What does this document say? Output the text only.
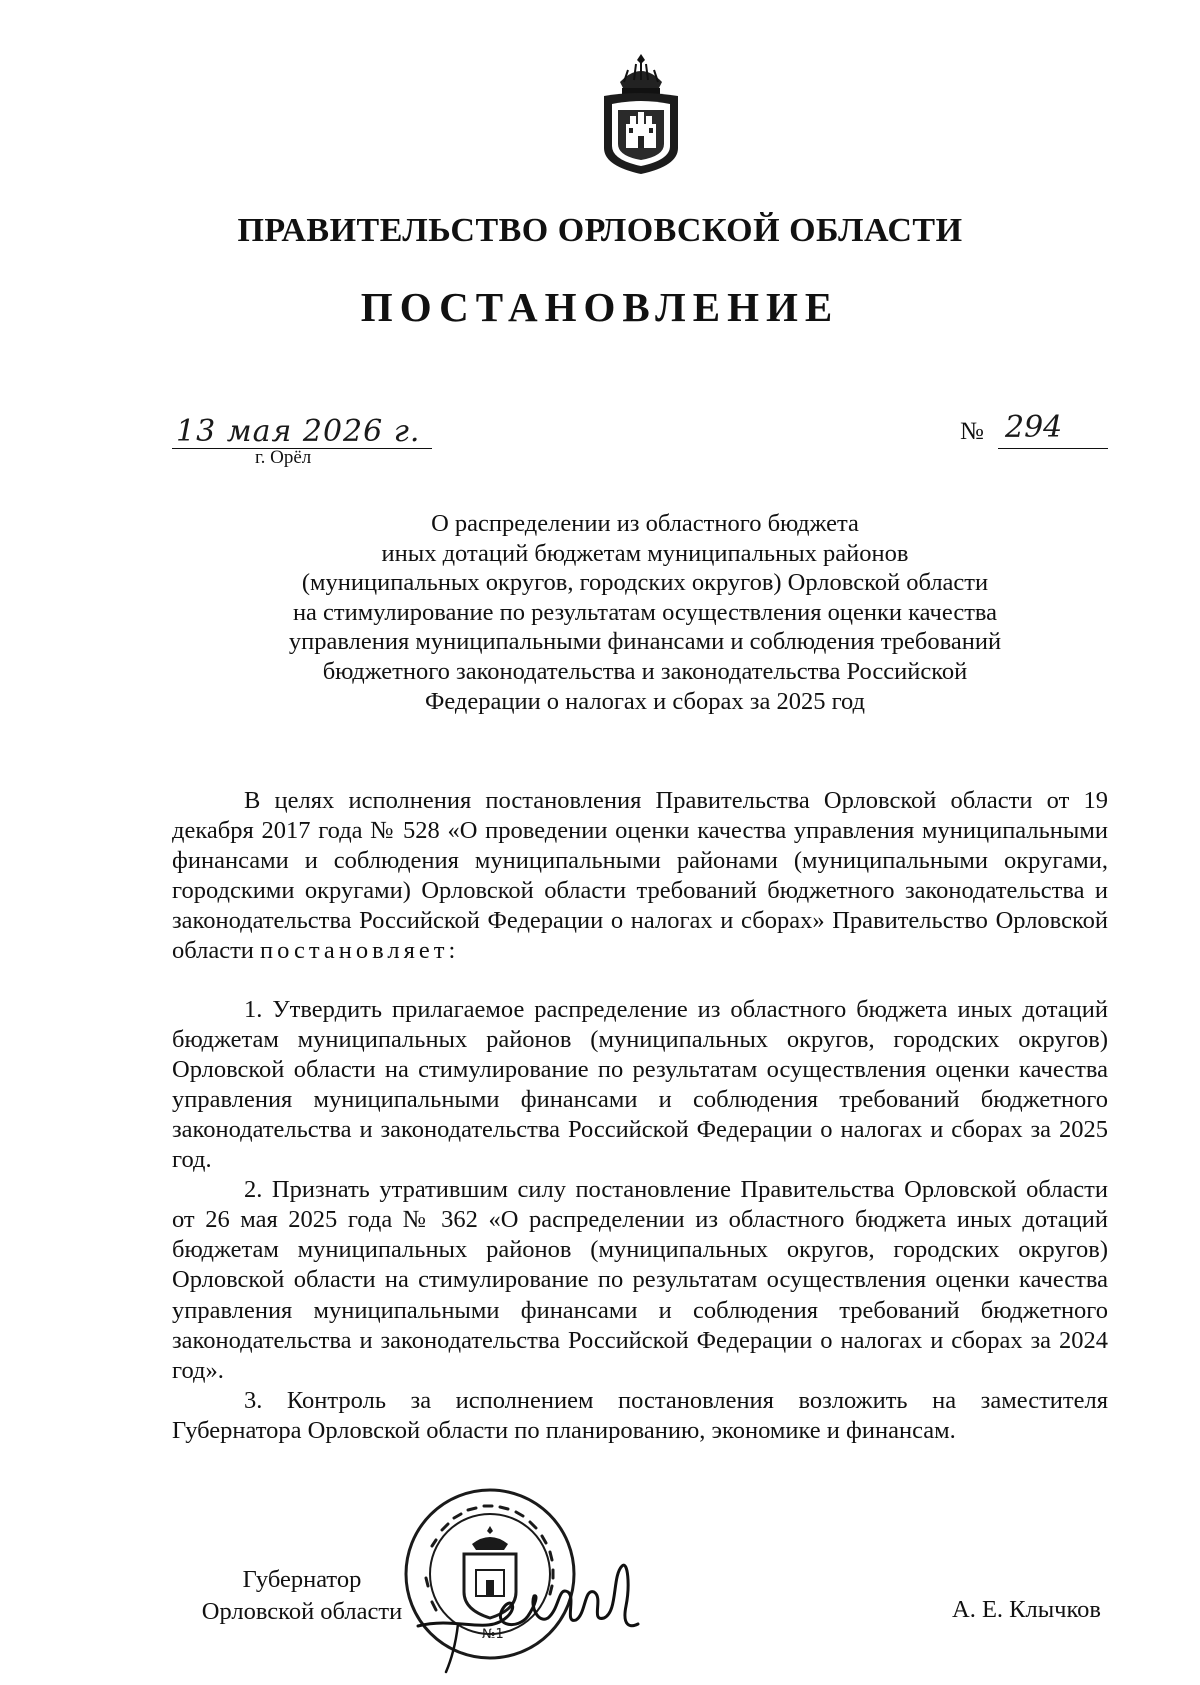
ПРАВИТЕЛЬСТВО ОРЛОВСКОЙ ОБЛАСТИ
ПОСТАНОВЛЕНИЕ
13 мая 2026 г.
г. Орёл
№ 294
О распределении из областного бюджета
иных дотаций бюджетам муниципальных районов
(муниципальных округов, городских округов) Орловской области
на стимулирование по результатам осуществления оценки качества
управления муниципальными финансами и соблюдения требований
бюджетного законодательства и законодательства Российской
Федерации о налогах и сборах за 2025 год

В целях исполнения постановления Правительства Орловской области от 19 декабря 2017 года № 528 «О проведении оценки качества управления муниципальными финансами и соблюдения муниципальными районами (муниципальными округами, городскими округами) Орловской области требований бюджетного законодательства и законодательства Российской Федерации о налогах и сборах» Правительство Орловской области постановляет:

1. Утвердить прилагаемое распределение из областного бюджета иных дотаций бюджетам муниципальных районов (муниципальных округов, городских округов) Орловской области на стимулирование по результатам осуществления оценки качества управления муниципальными финансами и соблюдения требований бюджетного законодательства и законодательства Российской Федерации о налогах и сборах за 2025 год.

2. Признать утратившим силу постановление Правительства Орловской области от 26 мая 2025 года № 362 «О распределении из областного бюджета иных дотаций бюджетам муниципальных районов (муниципальных округов, городских округов) Орловской области на стимулирование по результатам осуществления оценки качества управления муниципальными финансами и соблюдения требований бюджетного законодательства и законодательства Российской Федерации о налогах и сборах за 2024 год».

3. Контроль за исполнением постановления возложить на заместителя Губернатора Орловской области по планированию, экономике и финансам.

Губернатор
Орловской области
№1
А. Е. Клычков
